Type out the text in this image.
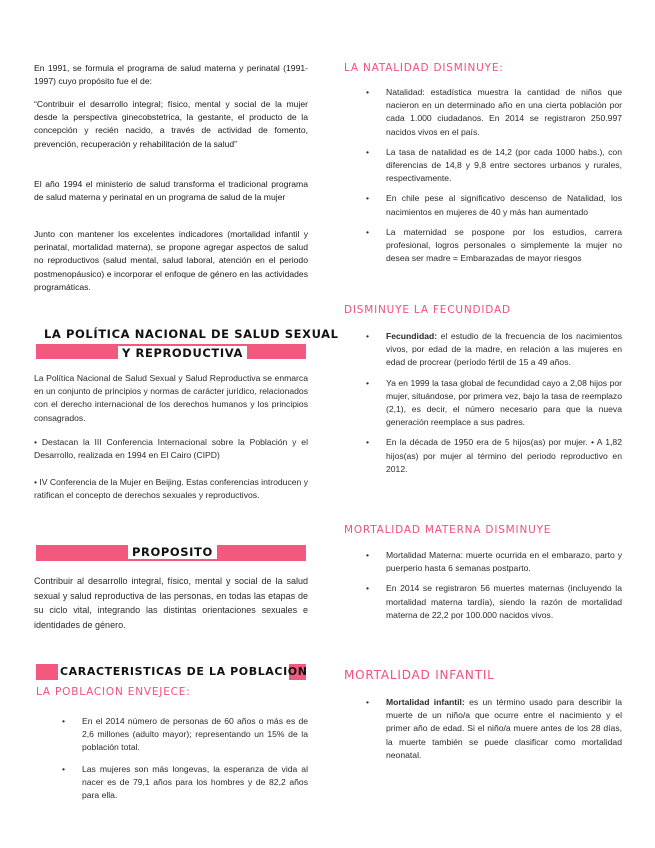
En 1991, se formula el programa de salud materna y perinatal (1991-1997) cuyo propósito fue el de:

“Contribuir el desarrollo integral; físico, mental y social de la mujer desde la perspectiva ginecobstetrica, la gestante, el producto de la concepción y recién nacido, a través de actividad de fomento, prevención, recuperación y rehabilitación de la salud”

El año 1994 el ministerio de salud transforma el tradicional programa de salud materna y perinatal en un programa de salud de la mujer

Junto con mantener los excelentes indicadores (mortalidad infantil y perinatal, mortalidad materna), se propone agregar aspectos de salud no reproductivos (salud mental, salud laboral, atención en el periodo postmenopáusico) e incorporar el enfoque de género en las actividades programáticas.

LA POLÍTICA NACIONAL DE SALUD SEXUAL
Y REPRODUCTIVA

La Política Nacional de Salud Sexual y Salud Reproductiva se enmarca en un conjunto de principios y normas de carácter jurídico, relacionados con el derecho internacional de los derechos humanos y los principios consagrados.

• Destacan la III Conferencia Internacional sobre la Población y el Desarrollo, realizada en 1994 en El Cairo (CIPD)

• IV Conferencia de la Mujer en Beijing. Estas conferencias introducen y ratifican el concepto de derechos sexuales y reproductivos.

PROPOSITO

Contribuir al desarrollo integral, físico, mental y social de la salud sexual y salud reproductiva de las personas, en todas las etapas de su ciclo vital, integrando las distintas orientaciones sexuales e identidades de género.

CARACTERISTICAS DE LA POBLACION
LA POBLACION ENVEJECE:
• En el 2014 número de personas de 60 años o más es de 2,6 millones (adulto mayor); representando un 15% de la población total.
• Las mujeres son más longevas, la esperanza de vida al nacer es de 79,1 años para los hombres y de 82,2 años para ella.
LA NATALIDAD DISMINUYE:
• Natalidad: estadística muestra la cantidad de niños que nacieron en un determinado año en una cierta población por cada 1.000 ciudadanos. En 2014 se registraron 250.997 nacidos vivos en el país.
• La tasa de natalidad es de 14,2 (por cada 1000 habs.), con diferencias de 14,8 y 9,8 entre sectores urbanos y rurales, respectivamente.
• En chile pese al significativo descenso de Natalidad, los nacimientos en mujeres de 40 y más han aumentado
• La maternidad se pospone por los estudios, carrera profesional, logros personales o simplemente la mujer no desea ser madre = Embarazadas de mayor riesgos
DISMINUYE LA FECUNDIDAD
• Fecundidad: el estudio de la frecuencia de los nacimientos vivos, por edad de la madre, en relación a las mujeres en edad de procrear (período fértil de 15 a 49 años.
• Ya en 1999 la tasa global de fecundidad cayo a 2,08 hijos por mujer, situándose, por primera vez, bajo la tasa de reemplazo (2,1), es decir, el número necesario para que la nueva generación reemplace a sus padres.
• En la década de 1950 era de 5 hijos(as) por mujer. • A 1,82 hijos(as) por mujer al término del periodo reproductivo en 2012.
MORTALIDAD MATERNA DISMINUYE
• Mortalidad Materna: muerte ocurrida en el embarazo, parto y puerperio hasta 6 semanas postparto.
• En 2014 se registraron 56 muertes maternas (incluyendo la mortalidad materna tardía), siendo la razón de mortalidad materna de 22,2 por 100.000 nacidos vivos.
MORTALIDAD INFANTIL
• Mortalidad infantil: es un término usado para describir la muerte de un niño/a que ocurre entre el nacimiento y el primer año de edad. Si el niño/a muere antes de los 28 días, la muerte también se puede clasificar como mortalidad neonatal.
